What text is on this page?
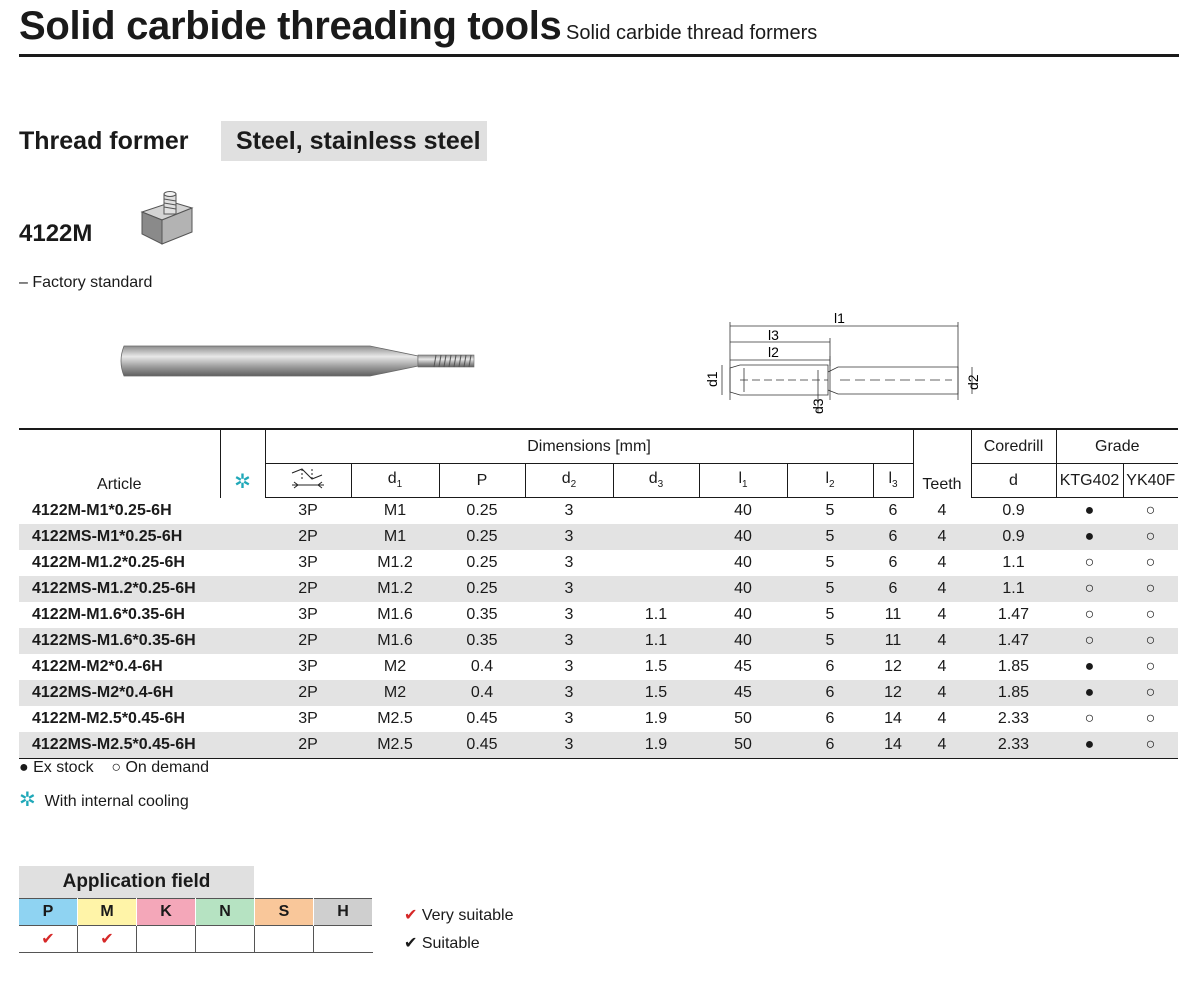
Solid carbide threading tools Solid carbide thread formers
Thread former	Steel, stainless steel
4122M
– Factory standard
l1
l3
l2
d1	d2
d3
Article	✲	Dimensions [mm]								Teeth	Coredrill	Grade	
	$d_1$	P	$d_2$	$d_3$	$l_1$	$l_2$	$l_3$		d	KTG402	YK40F
4122M-M1*0.25-6H		3P	M1	0.25	3		40	5	6	4	0.9	●	○
4122MS-M1*0.25-6H		2P	M1	0.25	3		40	5	6	4	0.9	●	○
4122M-M1.2*0.25-6H		3P	M1.2	0.25	3		40	5	6	4	1.1	○	○
4122MS-M1.2*0.25-6H		2P	M1.2	0.25	3		40	5	6	4	1.1	○	○
4122M-M1.6*0.35-6H		3P	M1.6	0.35	3	1.1	40	5	11	4	1.47	○	○
4122MS-M1.6*0.35-6H		2P	M1.6	0.35	3	1.1	40	5	11	4	1.47	○	○
4122M-M2*0.4-6H		3P	M2	0.4	3	1.5	45	6	12	4	1.85	●	○
4122MS-M2*0.4-6H		2P	M2	0.4	3	1.5	45	6	12	4	1.85	●	○
4122M-M2.5*0.45-6H		3P	M2.5	0.45	3	1.9	50	6	14	4	2.33	○	○
4122MS-M2.5*0.45-6H		2P	M2.5	0.45	3	1.9	50	6	14	4	2.33	●	○
● Ex stock ○ On demand
✲ With internal cooling
Application field
P	M	K	N	S	H
✔	✔				
✔ Very suitable
✔ Suitable
